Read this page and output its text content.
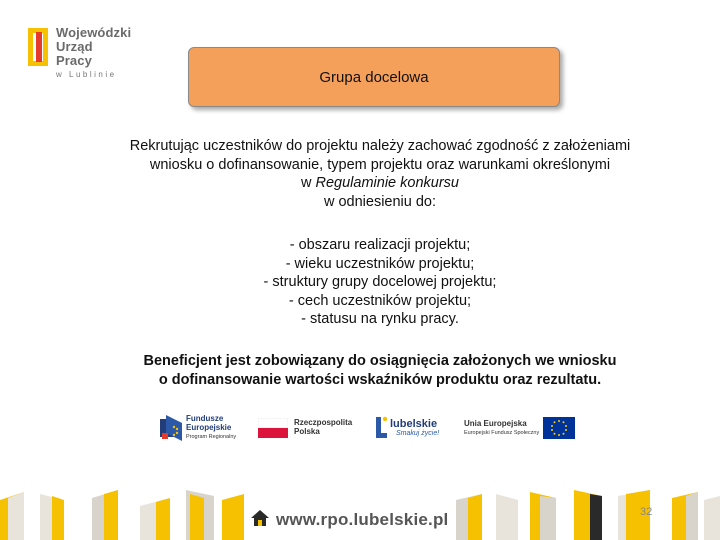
Wojewódzki
Urząd Pracy
w Lublinie	Grupa docelowa
Rekrutując uczestników do projektu należy zachować zgodność z założeniami
wniosku o dofinansowanie, typem projektu oraz warunkami określonymi
w Regulaminie konkursu
w odniesieniu do:
- obszaru realizacji projektu;
- wieku uczestników projektu;
- struktury grupy docelowej projektu;
- cech uczestników projektu;
- statusu na rynku pracy.
Beneficjent jest zobowiązany do osiągnięcia założonych we wniosku
o dofinansowanie wartości wskaźników produktu oraz rezultatu.
Fundusze
Europejskie
Program Regionalny
Rzeczpospolita
Polska
lubelskie
Smakuj życie!
Unia Europejska
Europejski Fundusz Społeczny
www.rpo.lubelskie.pl	32
